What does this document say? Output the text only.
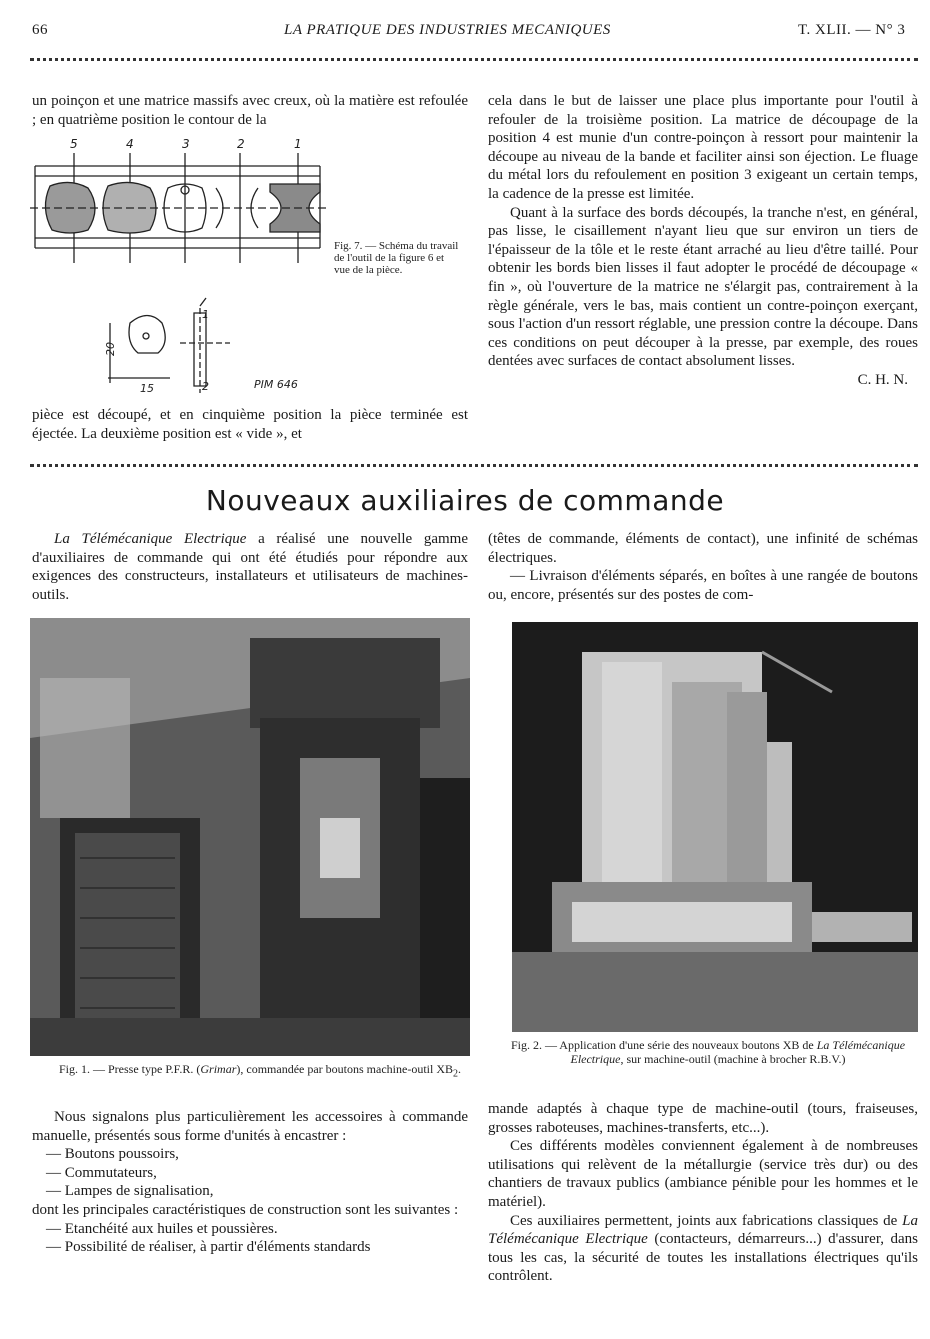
66	LA PRATIQUE DES INDUSTRIES MECANIQUES	T. XLII. — N° 3

un poinçon et une matrice massifs avec creux, où la matière est refoulée ; en quatrième position le contour de la

5	4	3	2	1
20
15	2
1
PIM 646
Fig. 7. — Schéma du travail de l'outil de la figure 6 et vue de la pièce.

pièce est découpé, et en cinquième position la pièce terminée est éjectée. La deuxième position est « vide », et

cela dans le but de laisser une place plus importante pour l'outil à refouler de la troisième position. La matrice de découpage de la position 4 est munie d'un contre-poinçon à ressort pour maintenir la découpe au niveau de la bande et faciliter ainsi son éjection. Le fluage du métal lors du refoulement en position 3 exigeant un certain temps, la cadence de la presse est limitée.

Quant à la surface des bords découpés, la tranche n'est, en général, pas lisse, le cisaillement n'ayant lieu que sur environ un tiers de l'épaisseur de la tôle et le reste étant arraché au lieu d'être taillé. Pour obtenir les bords bien lisses il faut adopter le procédé de découpage « fin », où l'ouverture de la matrice ne s'élargit pas, contrairement à la règle générale, vers le bas, mais contient un contre-poinçon exerçant, sous l'action d'un ressort réglable, une pression contre la découpe. Dans ces conditions on peut découper à la presse, par exemple, des roues dentées avec surfaces de contact absolument lisses.

C. H. N.

Nouveaux auxiliaires de commande

La Télémécanique Electrique a réalisé une nouvelle gamme d'auxiliaires de commande qui ont été étudiés pour répondre aux exigences des constructeurs, installateurs et utilisateurs de machines-outils.

(têtes de commande, éléments de contact), une infinité de schémas électriques.

— Livraison d'éléments séparés, en boîtes à une rangée de boutons ou, encore, présentés sur des postes de com-

Fig. 1. — Presse type P.F.R. (Grimar), commandée par boutons machine-outil $XB_2$.
Fig. 2. — Application d'une série des nouveaux boutons XB de La Télémécanique Electrique, sur machine-outil (machine à brocher R.B.V.)

Nous signalons plus particulièrement les accessoires à commande manuelle, présentés sous forme d'unités à encastrer :

— Boutons poussoirs,
— Commutateurs,
— Lampes de signalisation,

dont les principales caractéristiques de construction sont les suivantes :

— Etanchéité aux huiles et poussières.
— Possibilité de réaliser, à partir d'éléments standards

mande adaptés à chaque type de machine-outil (tours, fraiseuses, grosses raboteuses, machines-transferts, etc...).

Ces différents modèles conviennent également à de nombreuses utilisations qui relèvent de la métallurgie (service très dur) ou des chantiers de travaux publics (ambiance pénible pour les hommes et le matériel).

Ces auxiliaires permettent, joints aux fabrications classiques de La Télémécanique Electrique (contacteurs, démarreurs...) d'assurer, dans tous les cas, la sécurité de toutes les installations électriques qu'ils contrôlent.
